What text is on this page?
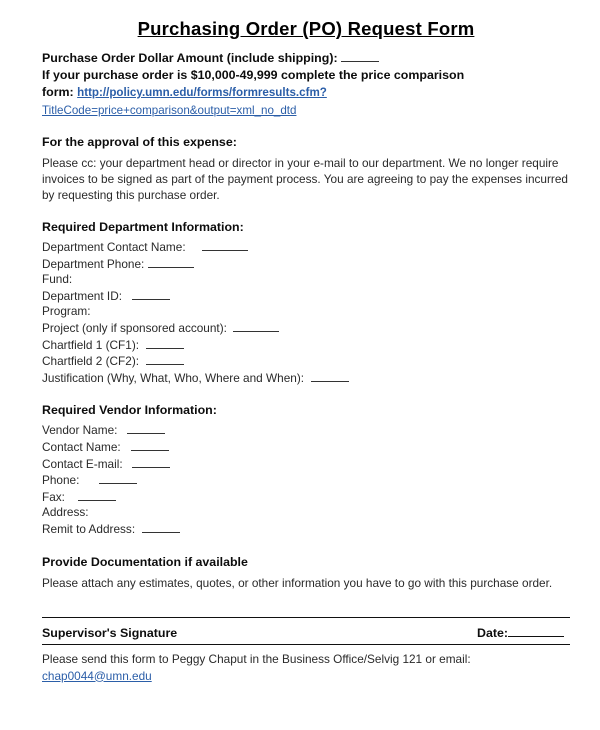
Purchasing Order (PO) Request Form
Purchase Order Dollar Amount (include shipping):
If your purchase order is $10,000-49,999 complete the price comparison
form: http://policy.umn.edu/forms/formresults.cfm?
TitleCode=price+comparison&output=xml_no_dtd
For the approval of this expense:
Please cc: your department head or director in your e-mail to our department. We no longer require invoices to be signed as part of the payment process. You are agreeing to pay the expenses incurred by requesting this purchase order.
Required Department Information:
Department Contact Name:
Department Phone:
Fund:
Department ID:
Program:
Project (only if sponsored account):
Chartfield 1 (CF1):
Chartfield 2 (CF2):
Justification (Why, What, Who, Where and When):
Required Vendor Information:
Vendor Name:
Contact Name:
Contact E-mail:
Phone:
Fax:
Address:
Remit to Address:
Provide Documentation if available
Please attach any estimates, quotes, or other information you have to go with this purchase order.
Supervisor's Signature	Date:
Please send this form to Peggy Chaput in the Business Office/Selvig 121 or email:
chap0044@umn.edu
